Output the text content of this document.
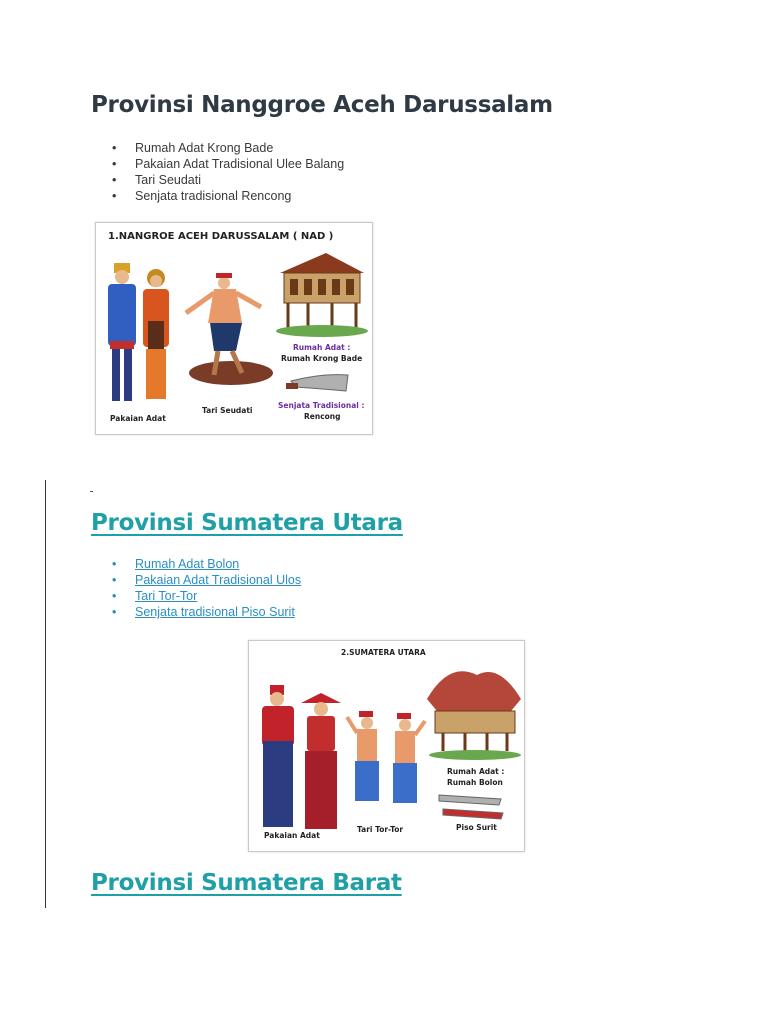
Provinsi Nanggroe Aceh Darussalam
• Rumah Adat Krong Bade
• Pakaian Adat Tradisional Ulee Balang
• Tari Seudati
• Senjata tradisional Rencong
1.NANGROE ACEH DARUSSALAM ( NAD )
Rumah Adat :
Rumah Krong Bade
Senjata Tradisional :
Rencong
Pakaian Adat
Tari Seudati
Provinsi Sumatera Utara
• Rumah Adat Bolon
• Pakaian Adat Tradisional Ulos
• Tari Tor-Tor
• Senjata tradisional Piso Surit
2.SUMATERA UTARA
Pakaian Adat
Tari Tor-Tor
Rumah Adat :
Rumah Bolon
Piso Surit
Provinsi Sumatera Barat
